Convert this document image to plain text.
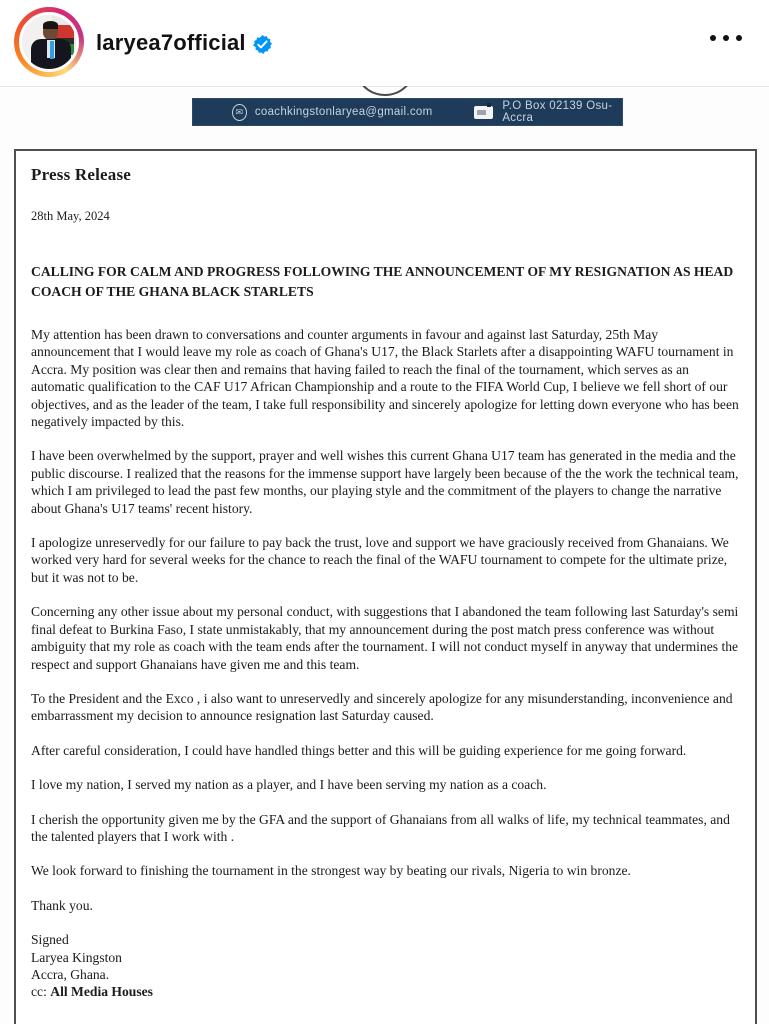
laryea7official
✉	coachkingstonlaryea@gmail.com	P.O Box 02139 Osu-Accra
Press Release
28th May, 2024
CALLING FOR CALM AND PROGRESS FOLLOWING THE ANNOUNCEMENT OF MY RESIGNATION AS HEAD COACH OF THE GHANA BLACK STARLETS

My attention has been drawn to conversations and counter arguments in favour and against last Saturday, 25th May announcement that I would leave my role as coach of Ghana's U17, the Black Starlets after a disappointing WAFU tournament in Accra. My position was clear then and remains that having failed to reach the final of the tournament, which serves as an automatic qualification to the CAF U17 African Championship and a route to the FIFA World Cup, I believe we fell short of our objectives, and as the leader of the team, I take full responsibility and sincerely apologize for letting down everyone who has been negatively impacted by this.

I have been overwhelmed by the support, prayer and well wishes this current Ghana U17 team has generated in the media and the public discourse. I realized that the reasons for the immense support have largely been because of the the work the technical team, which I am privileged to lead the past few months, our playing style and the commitment of the players to change the narrative about Ghana's U17 teams' recent history.

I apologize unreservedly for our failure to pay back the trust, love and support we have graciously received from Ghanaians. We worked very hard for several weeks for the chance to reach the final of the WAFU tournament to compete for the ultimate prize, but it was not to be.

Concerning any other issue about my personal conduct, with suggestions that I abandoned the team following last Saturday's semi final defeat to Burkina Faso, I state unmistakably, that my announcement during the post match press conference was without ambiguity that my role as coach with the team ends after the tournament. I will not conduct myself in anyway that undermines the respect and support Ghanaians have given me and this team.

To the President and the Exco , i also want to unreservedly and sincerely apologize for any misunderstanding, inconvenience and embarrassment my decision to announce resignation last Saturday caused.

After careful consideration, I could have handled things better and this will be guiding experience for me going forward.

I love my nation, I served my nation as a player, and I have been serving my nation as a coach.

I cherish the opportunity given me by the GFA and the support of Ghanaians from all walks of life, my technical teammates, and the talented players that I work with .

We look forward to finishing the tournament in the strongest way by beating our rivals, Nigeria to win bronze.

Thank you.

Signed
Laryea Kingston
Accra, Ghana.
cc: All Media Houses
